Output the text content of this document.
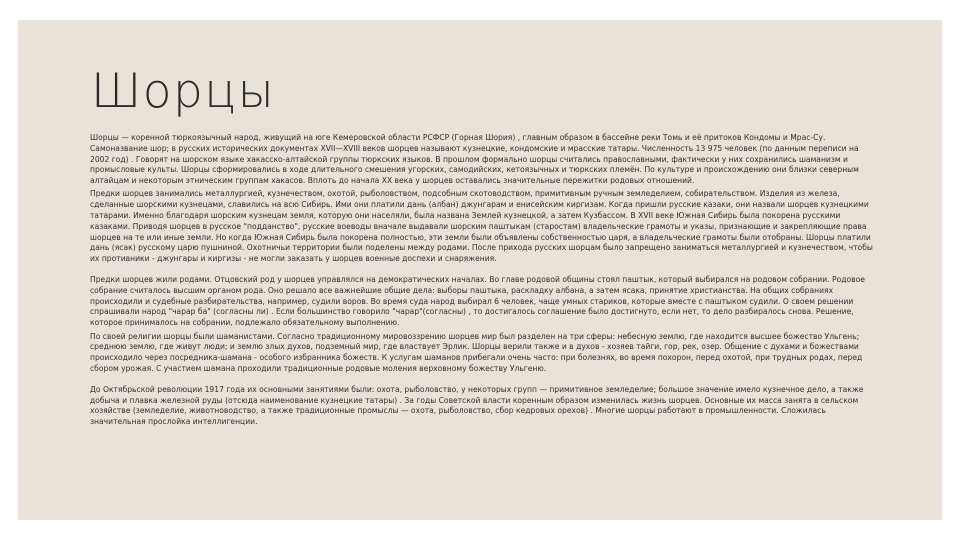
Шорцы

Шорцы — коренной тюркоязычный народ, живущий на юге Кемеровской области РСФСР (Горная Шория) , главным образом в бассейне реки Томь и её притоков Кондомы и Мрас-Су. Самоназвание шор; в русских исторических документах XVII—XVIII веков шорцев называют кузнецкие, кондомские и мрасские татары. Численность 13 975 человек (по данным переписи на 2002 год) . Говорят на шорском языке хакасско-алтайской группы тюркских языков. В прошлом формально шорцы считались православными, фактически у них сохранились шаманизм и промысловые культы. Шорцы сформировались в ходе длительного смешения угорских, самодийских, кетоязычных и тюркских племён. По культуре и происхождению они близки северным алтайцам и некоторым этническим группам хакасов. Вплоть до начала XX века у шорцев оставались значительные пережитки родовых отношений.

Предки шорцев занимались металлургией, кузнечеством, охотой, рыболовством, подсобным скотоводством, примитивным ручным земледелием, собирательством. Изделия из железа, сделанные шорскими кузнецами, славились на всю Сибирь. Ими они платили дань (албан) джунгарам и енисейским киргизам. Когда пришли русские казаки, они назвали шорцев кузнецкими татарами. Именно благодаря шорским кузнецам земля, которую они населяли, была названа Землей кузнецкой, а затем Кузбассом. В XVII веке Южная Сибирь была покорена русскими казаками. Приводя шорцев в русское "подданство", русские воеводы вначале выдавали шорским паштыкам (старостам) владельческие грамоты и указы, признающие и закрепляющие права шорцев на те или иные земли. Но когда Южная Сибирь была покорена полностью, эти земли были объявлены собственностью царя, а владельческие грамоты были отобраны. Шорцы платили дань (ясак) русскому царю пушниной. Охотничьи территории были поделены между родами. После прихода русских шорцам было запрещено заниматься металлургией и кузнечеством, чтобы их противники - джунгары и киргизы - не могли заказать у шорцев военные доспехи и снаряжения.

Предки шорцев жили родами. Отцовский род у шорцев управлялся на демократических началах. Во главе родовой общины стоял паштык, который выбирался на родовом собрании. Родовое собрание считалось высшим органом рода. Оно решало все важнейшие общие дела: выборы паштыка, раскладку албана, а затем ясака, принятие христианства. На общих собраниях происходили и судебные разбирательства, например, судили воров. Во время суда народ выбирал 6 человек, чаще умных стариков, которые вместе с паштыком судили. О своем решении спрашивали народ "чарар ба" (согласны ли) . Если большинство говорило "чарар"(согласны) , то достигалось соглашение было достигнуто, если нет, то дело разбиралось снова. Решение, которое принималось на собрании, подлежало обязательному выполнению.

По своей религии шорцы были шаманистами. Согласно традиционному мировоззрению шорцев мир был разделен на три сферы: небесную землю, где находится высшее божество Ульгень; среднюю землю, где живут люди; и землю злых духов, подземный мир, где властвует Эрлик. Шорцы верили также и в духов - хозяев тайги, гор, рек, озер. Общение с духами и божествами происходило через посредника-шамана - особого избранника божеств. К услугам шаманов прибегали очень часто: при болезнях, во время похорон, перед охотой, при трудных родах, перед сбором урожая. С участием шамана проходили традиционные родовые моления верховному божеству Ульгеню.

До Октябрьской революции 1917 года их основными занятиями были: охота, рыболовство, у некоторых групп — примитивное земледелие; большое значение имело кузнечное дело, а также добыча и плавка железной руды (отсюда наименование кузнецкие татары) . За годы Советской власти коренным образом изменилась жизнь шорцев. Основные их масса занята в сельском хозяйстве (земледелие, животноводство, а также традиционные промыслы — охота, рыболовство, сбор кедровых орехов) . Многие шорцы работают в промышленности. Сложилась значительная прослойка интеллигенции.
